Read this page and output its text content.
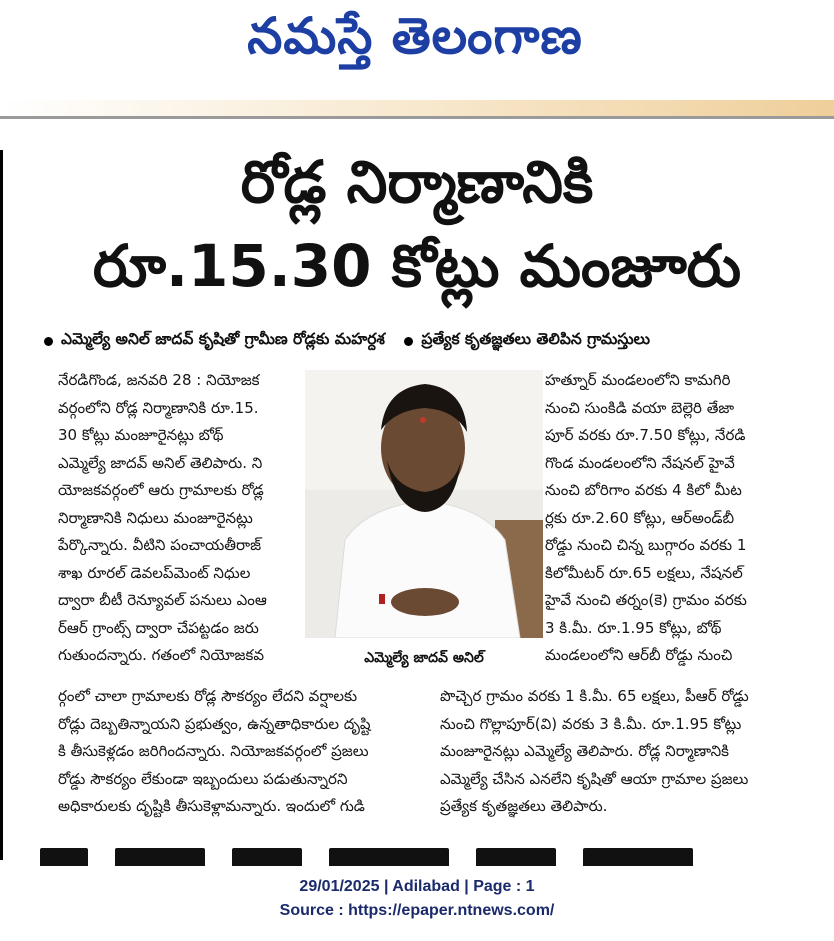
నమస్తే తెలంగాణ
రోడ్ల నిర్మాణానికి
రూ.15.30 కోట్లు మంజూరు
ఎమ్మెల్యే అనిల్ జాదవ్ కృషితో గ్రామీణ రోడ్లకు మహర్దశ
ప్రత్యేక కృతజ్ఞతలు తెలిపిన గ్రామస్తులు
నేరడిగొండ, జనవరి 28 : నియోజక
వర్గంలోని రోడ్ల నిర్మాణానికి రూ.15.
30 కోట్లు మంజూరైనట్లు బోథ్
ఎమ్మెల్యే జాదవ్ అనిల్ తెలిపారు. ని
యోజకవర్గంలో ఆరు గ్రామాలకు రోడ్ల
నిర్మాణానికి నిధులు మంజూరైనట్లు
పేర్కొన్నారు. వీటిని పంచాయతీరాజ్
శాఖ రూరల్ డెవలప్‌మెంట్ నిధుల
ద్వారా బీటీ రెన్యూవల్ పనులు ఎంఆ
ర్‌ఆర్ గ్రాంట్స్ ద్వారా చేపట్టడం జరు
గుతుందన్నారు. గతంలో నియోజకవ	ఎమ్మెల్యే జాదవ్ అనిల్
హత్నూర్ మండలంలోని కామగిరి
నుంచి సుంకిడి వయా బెల్లెరి తేజా
పూర్ వరకు రూ.7.50 కోట్లు, నేరడి
గొండ మండలంలోని నేషనల్ హైవే
నుంచి బోరిగాం వరకు 4 కిలో మీట
ర్లకు రూ.2.60 కోట్లు, ఆర్‌అండ్‌బీ
రోడ్డు నుంచి చిన్న బుగ్గారం వరకు 1
కిలోమీటర్ రూ.65 లక్షలు, నేషనల్
హైవే నుంచి తర్నం(కె) గ్రామం వరకు
3 కి.మీ. రూ.1.95 కోట్లు, బోథ్
మండలంలోని ఆర్‌బీ రోడ్డు నుంచి
ర్గంలో చాలా గ్రామాలకు రోడ్ల సౌకర్యం లేదని వర్షాలకు
రోడ్లు దెబ్బతిన్నాయని ప్రభుత్వం, ఉన్నతాధికారుల దృష్టి
కి తీసుకెళ్లడం జరిగిందన్నారు. నియోజకవర్గంలో ప్రజలు
రోడ్డు సౌకర్యం లేకుండా ఇబ్బందులు పడుతున్నారని
అధికారులకు దృష్టికి తీసుకెళ్లామన్నారు. ఇందులో గుడి
పొచ్చెర గ్రామం వరకు 1 కి.మీ. 65 లక్షలు, పీఆర్ రోడ్డు
నుంచి గొల్లాపూర్(వి) వరకు 3 కి.మీ. రూ.1.95 కోట్లు
మంజూరైనట్లు ఎమ్మెల్యే తెలిపారు. రోడ్ల నిర్మాణానికి
ఎమ్మెల్యే చేసిన ఎనలేని కృషితో ఆయా గ్రామాల ప్రజలు
ప్రత్యేక కృతజ్ఞతలు తెలిపారు.

29/01/2025 | Adilabad | Page : 1
Source : https://epaper.ntnews.com/
